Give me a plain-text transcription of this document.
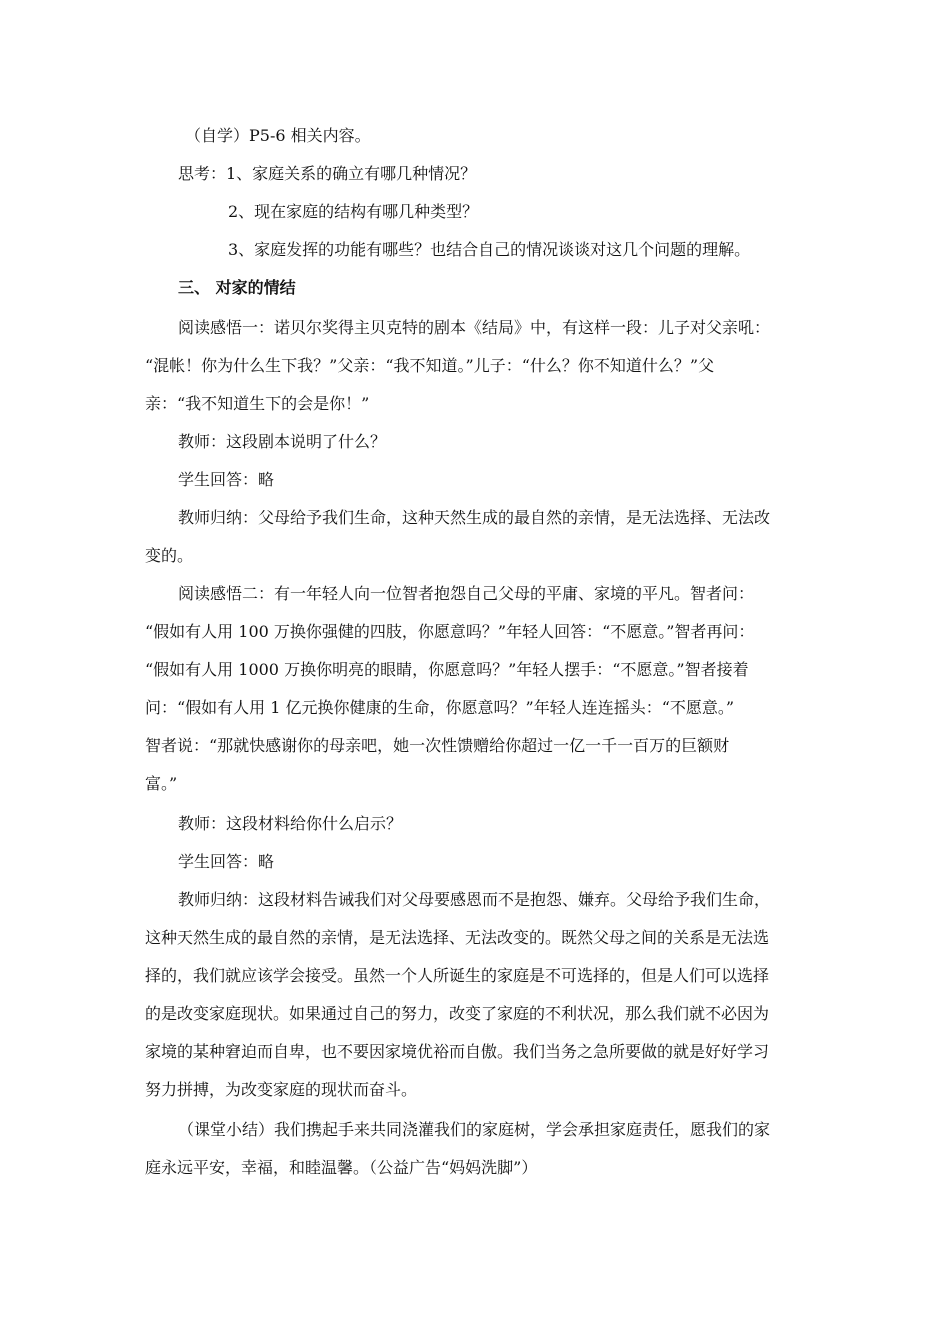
（自学）P5-6 相关内容。
思考：1、家庭关系的确立有哪几种情况？
2、现在家庭的结构有哪几种类型？
3、家庭发挥的功能有哪些？也结合自己的情况谈谈对这几个问题的理解。
三、 对家的情结
阅读感悟一：诺贝尔奖得主贝克特的剧本《结局》中，有这样一段：儿子对父亲吼：
“混帐！你为什么生下我？”父亲：“我不知道。”儿子：“什么？你不知道什么？”父
亲：“我不知道生下的会是你！”
教师：这段剧本说明了什么？
学生回答：略
教师归纳：父母给予我们生命，这种天然生成的最自然的亲情，是无法选择、无法改
变的。
阅读感悟二：有一年轻人向一位智者抱怨自己父母的平庸、家境的平凡。智者问：
“假如有人用 100 万换你强健的四肢，你愿意吗？”年轻人回答：“不愿意。”智者再问：
“假如有人用 1000 万换你明亮的眼睛，你愿意吗？”年轻人摆手：“不愿意。”智者接着
问：“假如有人用 1 亿元换你健康的生命，你愿意吗？”年轻人连连摇头：“不愿意。”
智者说：“那就快感谢你的母亲吧，她一次性馈赠给你超过一亿一千一百万的巨额财
富。”
教师：这段材料给你什么启示？
学生回答：略
教师归纳：这段材料告诫我们对父母要感恩而不是抱怨、嫌弃。父母给予我们生命，
这种天然生成的最自然的亲情，是无法选择、无法改变的。既然父母之间的关系是无法选
择的，我们就应该学会接受。虽然一个人所诞生的家庭是不可选择的，但是人们可以选择
的是改变家庭现状。如果通过自己的努力，改变了家庭的不利状况，那么我们就不必因为
家境的某种窘迫而自卑，也不要因家境优裕而自傲。我们当务之急所要做的就是好好学习
努力拼搏，为改变家庭的现状而奋斗。
（课堂小结）我们携起手来共同浇灌我们的家庭树，学会承担家庭责任，愿我们的家
庭永远平安，幸福，和睦温馨。（公益广告“妈妈洗脚”）
